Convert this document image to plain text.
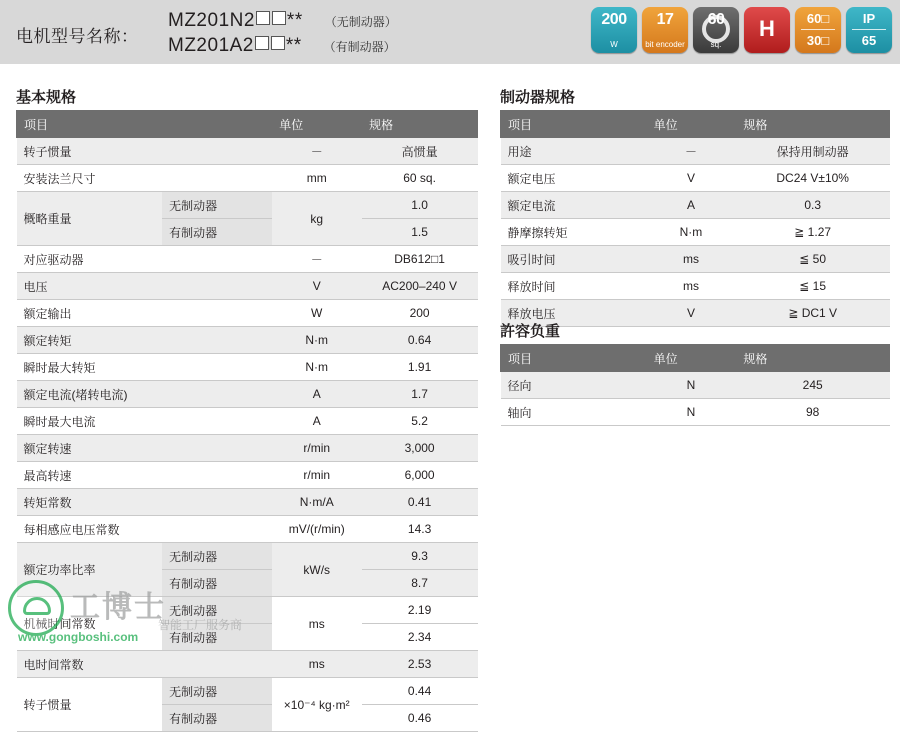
电机型号名称：
MZ201N2 ** （无制动器）
MZ201A2 ** （有制动器）
200
W
17
bit encoder
60
sq.
H	60□
30□
IP
65
基本规格
项目		单位	规格
转子惯量		－	高惯量
安装法兰尺寸		mm	60 sq.
概略重量	无制动器	kg	1.0
	有制动器		1.5
对应驱动器		－	DB612□1
电压		V	AC200–240 V
额定输出		W	200
额定转矩		N·m	0.64
瞬时最大转矩		N·m	1.91
额定电流(堵转电流)		A	1.7
瞬时最大电流		A	5.2
额定转速		r/min	3,000
最高转速		r/min	6,000
转矩常数		N·m/A	0.41
每相感应电压常数		mV/(r/min)	14.3
额定功率比率	无制动器	kW/s	9.3
	有制动器		8.7
机械时间常数	无制动器	ms	2.19
	有制动器		2.34
电时间常数		ms	2.53
转子惯量	无制动器	×10⁻⁴ kg·m²	0.44
	有制动器		0.46
制动器规格
项目	单位	规格
用途	－	保持用制动器
额定电压	V	DC24 V±10%
额定电流	A	0.3
静摩擦转矩	N·m	≧ 1.27
吸引时间	ms	≦ 50
释放时间	ms	≦ 15
释放电压	V	≧ DC1 V
許容负重
项目	单位	规格
径向	N	245
轴向	N	98
工博士
智能工厂服务商
www.gongboshi.com
